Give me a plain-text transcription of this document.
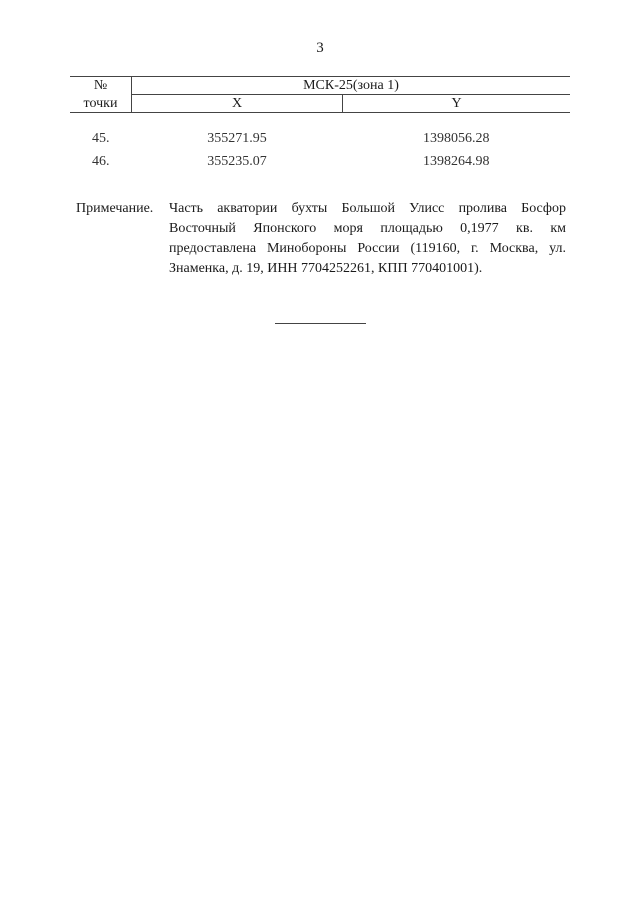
3
№	МСК-25(зона 1)	
точки	X	Y

45.	355271.95	1398056.28
46.	355235.07	1398264.98
Примечание.	Часть акватории бухты Большой Улисс пролива Босфор Восточный Японского моря площадью 0,1977 кв. км предоставлена Минобороны России (119160, г. Москва, ул. Знаменка, д. 19, ИНН 7704252261, КПП 770401001).
